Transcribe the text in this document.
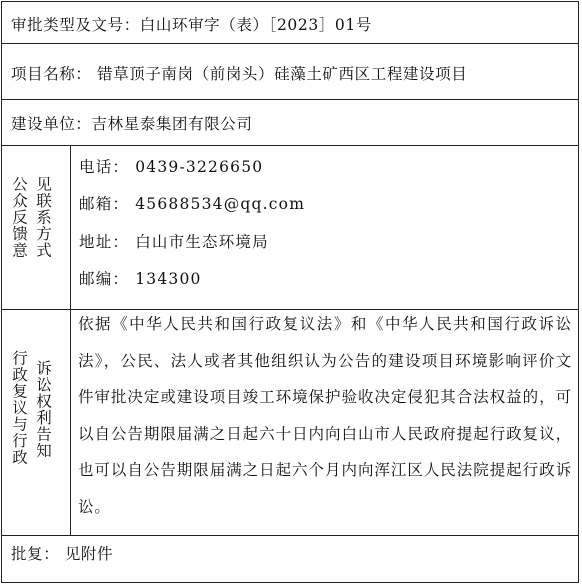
审批类型及文号：白山环审字（表）［2023］01号
项目名称： 错草顶子南岗（前岗头）硅藻土矿西区工程建设项目
建设单位：吉林星泰集团有限公司
公众反馈意 见联系方式
电话： 0439-3226650
邮箱： 45688534@qq.com
地址： 白山市生态环境局
邮编： 134300
行政复议与行政 诉讼权利告知
依据《中华人民共和国行政复议法》和《中华人民共和国行政诉讼法》，公民、法人或者其他组织认为公告的建设项目环境影响评价文件审批决定或建设项目竣工环境保护验收决定侵犯其合法权益的，可以自公告期限届满之日起六十日内向白山市人民政府提起行政复议，也可以自公告期限届满之日起六个月内向浑江区人民法院提起行政诉讼。
批复： 见附件
